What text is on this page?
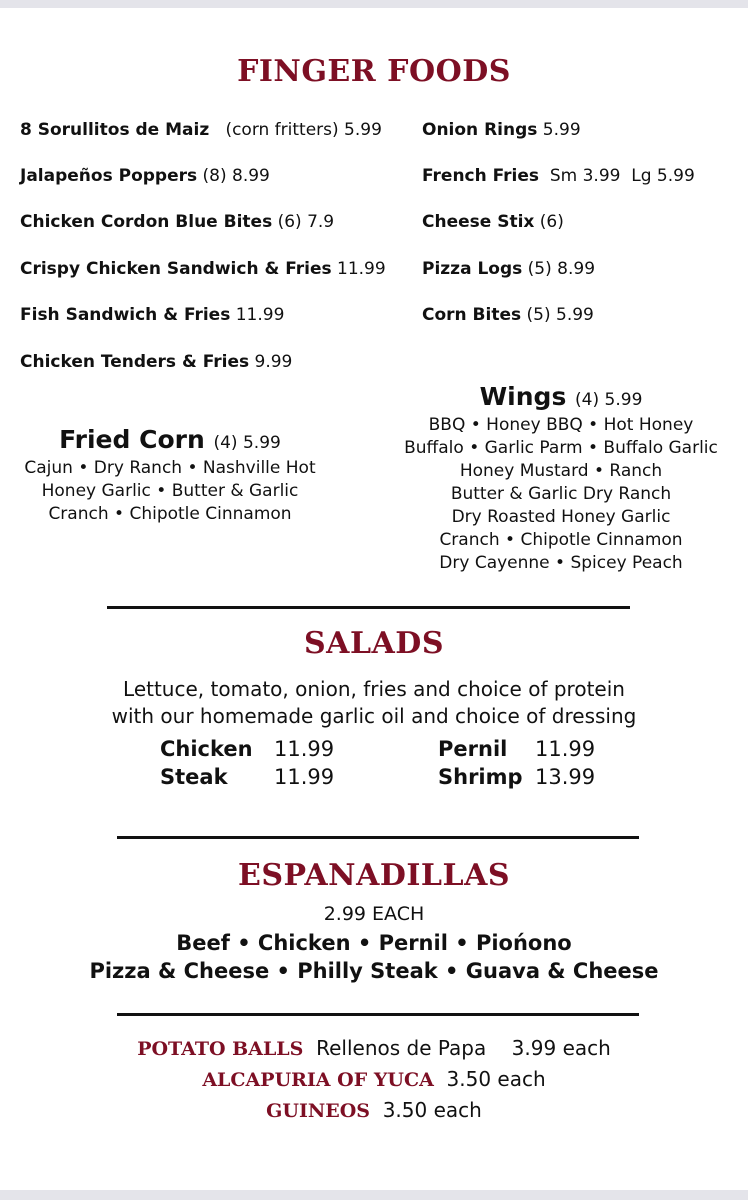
FINGER FOODS
8 Sorullitos de Maiz (corn fritters) 5.99
Jalapeños Poppers (8) 8.99
Chicken Cordon Blue Bites (6) 7.9
Crispy Chicken Sandwich & Fries 11.99
Fish Sandwich & Fries 11.99
Chicken Tenders & Fries 9.99
Onion Rings 5.99
French Fries Sm 3.99  Lg 5.99
Cheese Stix (6)
Pizza Logs (5) 8.99
Corn Bites (5) 5.99
Fried Corn (4) 5.99
Cajun • Dry Ranch • Nashville Hot
Honey Garlic • Butter & Garlic
Cranch • Chipotle Cinnamon
Wings (4) 5.99
BBQ • Honey BBQ • Hot Honey
Buffalo • Garlic Parm • Buffalo Garlic
Honey Mustard • Ranch
Butter & Garlic Dry Ranch
Dry Roasted Honey Garlic
Cranch • Chipotle Cinnamon
Dry Cayenne • Spicey Peach
SALADS
Lettuce, tomato, onion, fries and choice of protein
with our homemade garlic oil and choice of dressing
Chicken 11.99
Steak 11.99
Pernil 11.99
Shrimp 13.99
ESPANADILLAS
2.99 EACH
Beef • Chicken • Pernil • Piońono
Pizza & Cheese • Philly Steak • Guava & Cheese
POTATO BALLS Rellenos de Papa    3.99 each
ALCAPURIA OF YUCA 3.50 each
GUINEOS 3.50 each
